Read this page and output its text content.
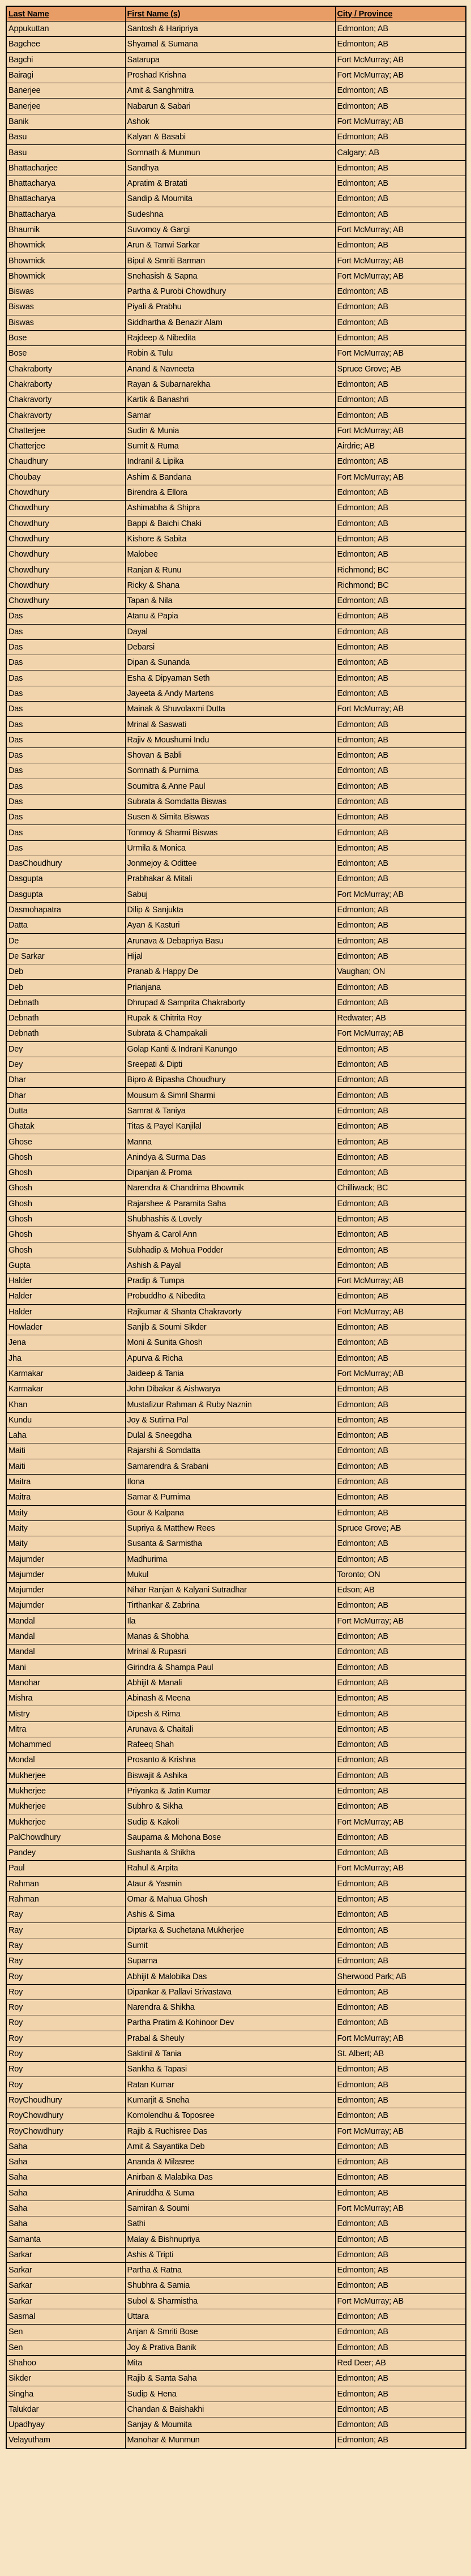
Last Name	First Name (s)	City / Province
Appukuttan	Santosh & Haripriya	Edmonton; AB
Bagchee	Shyamal & Sumana	Edmonton; AB
Bagchi	Satarupa	Fort McMurray; AB
Bairagi	Proshad Krishna	Fort McMurray; AB
Banerjee	Amit & Sanghmitra	Edmonton; AB
Banerjee	Nabarun & Sabari	Edmonton; AB
Banik	Ashok	Fort McMurray; AB
Basu	Kalyan & Basabi	Edmonton; AB
Basu	Somnath & Munmun	Calgary; AB
Bhattacharjee	Sandhya	Edmonton; AB
Bhattacharya	Apratim & Bratati	Edmonton; AB
Bhattacharya	Sandip & Moumita	Edmonton; AB
Bhattacharya	Sudeshna	Edmonton; AB
Bhaumik	Suvomoy & Gargi	Fort McMurray; AB
Bhowmick	Arun & Tanwi Sarkar	Edmonton; AB
Bhowmick	Bipul & Smriti Barman	Fort McMurray; AB
Bhowmick	Snehasish & Sapna	Fort McMurray; AB
Biswas	Partha & Purobi Chowdhury	Edmonton; AB
Biswas	Piyali & Prabhu	Edmonton; AB
Biswas	Siddhartha & Benazir Alam	Edmonton; AB
Bose	Rajdeep & Nibedita	Edmonton; AB
Bose	Robin & Tulu	Fort McMurray; AB
Chakraborty	Anand & Navneeta	Spruce Grove; AB
Chakraborty	Rayan & Subarnarekha	Edmonton; AB
Chakravorty	Kartik & Banashri	Edmonton; AB
Chakravorty	Samar	Edmonton; AB
Chatterjee	Sudin & Munia	Fort McMurray; AB
Chatterjee	Sumit & Ruma	Airdrie; AB
Chaudhury	Indranil & Lipika	Edmonton; AB
Choubay	Ashim & Bandana	Fort McMurray; AB
Chowdhury	Birendra & Ellora	Edmonton; AB
Chowdhury	Ashimabha & Shipra	Edmonton; AB
Chowdhury	Bappi & Baichi Chaki	Edmonton; AB
Chowdhury	Kishore & Sabita	Edmonton; AB
Chowdhury	Malobee	Edmonton; AB
Chowdhury	Ranjan & Runu	Richmond; BC
Chowdhury	Ricky & Shana	Richmond; BC
Chowdhury	Tapan & Nila	Edmonton; AB
Das	Atanu & Papia	Edmonton; AB
Das	Dayal	Edmonton; AB
Das	Debarsi	Edmonton; AB
Das	Dipan & Sunanda	Edmonton; AB
Das	Esha & Dipyaman Seth	Edmonton; AB
Das	Jayeeta & Andy Martens	Edmonton; AB
Das	Mainak & Shuvolaxmi Dutta	Fort McMurray; AB
Das	Mrinal & Saswati	Edmonton; AB
Das	Rajiv & Moushumi Indu	Edmonton; AB
Das	Shovan & Babli	Edmonton; AB
Das	Somnath & Purnima	Edmonton; AB
Das	Soumitra & Anne Paul	Edmonton; AB
Das	Subrata & Somdatta Biswas	Edmonton; AB
Das	Susen & Simita Biswas	Edmonton; AB
Das	Tonmoy & Sharmi Biswas	Edmonton; AB
Das	Urmila & Monica	Edmonton; AB
DasChoudhury	Jonmejoy & Odittee	Edmonton; AB
Dasgupta	Prabhakar & Mitali	Edmonton; AB
Dasgupta	Sabuj	Fort McMurray; AB
Dasmohapatra	Dilip & Sanjukta	Edmonton; AB
Datta	Ayan & Kasturi	Edmonton; AB
De	Arunava & Debapriya Basu	Edmonton; AB
De Sarkar	Hijal	Edmonton; AB
Deb	Pranab & Happy De	Vaughan; ON
Deb	Prianjana	Edmonton; AB
Debnath	Dhrupad & Samprita Chakraborty	Edmonton; AB
Debnath	Rupak & Chitrita Roy	Redwater; AB
Debnath	Subrata & Champakali	Fort McMurray; AB
Dey	Golap Kanti & Indrani Kanungo	Edmonton; AB
Dey	Sreepati & Dipti	Edmonton; AB
Dhar	Bipro & Bipasha Choudhury	Edmonton; AB
Dhar	Mousum & Simril Sharmi	Edmonton; AB
Dutta	Samrat & Taniya	Edmonton; AB
Ghatak	Titas & Payel Kanjilal	Edmonton; AB
Ghose	Manna	Edmonton; AB
Ghosh	Anindya & Surma Das	Edmonton; AB
Ghosh	Dipanjan & Proma	Edmonton; AB
Ghosh	Narendra & Chandrima Bhowmik	Chilliwack; BC
Ghosh	Rajarshee & Paramita Saha	Edmonton; AB
Ghosh	Shubhashis & Lovely	Edmonton; AB
Ghosh	Shyam & Carol Ann	Edmonton; AB
Ghosh	Subhadip & Mohua Podder	Edmonton; AB
Gupta	Ashish & Payal	Edmonton; AB
Halder	Pradip & Tumpa	Fort McMurray; AB
Halder	Probuddho & Nibedita	Edmonton; AB
Halder	Rajkumar & Shanta Chakravorty	Fort McMurray; AB
Howlader	Sanjib & Soumi Sikder	Edmonton; AB
Jena	Moni & Sunita Ghosh	Edmonton; AB
Jha	Apurva & Richa	Edmonton; AB
Karmakar	Jaideep & Tania	Fort McMurray; AB
Karmakar	John Dibakar & Aishwarya	Edmonton; AB
Khan	Mustafizur Rahman & Ruby Naznin	Edmonton; AB
Kundu	Joy & Sutirna Pal	Edmonton; AB
Laha	Dulal & Sneegdha	Edmonton; AB
Maiti	Rajarshi & Somdatta	Edmonton; AB
Maiti	Samarendra & Srabani	Edmonton; AB
Maitra	Ilona	Edmonton; AB
Maitra	Samar & Purnima	Edmonton; AB
Maity	Gour & Kalpana	Edmonton; AB
Maity	Supriya & Matthew Rees	Spruce Grove; AB
Maity	Susanta & Sarmistha	Edmonton; AB
Majumder	Madhurima	Edmonton; AB
Majumder	Mukul	Toronto; ON
Majumder	Nihar Ranjan & Kalyani Sutradhar	Edson; AB
Majumder	Tirthankar & Zabrina	Edmonton; AB
Mandal	Ila	Fort McMurray; AB
Mandal	Manas & Shobha	Edmonton; AB
Mandal	Mrinal & Rupasri	Edmonton; AB
Mani	Girindra & Shampa Paul	Edmonton; AB
Manohar	Abhijit & Manali	Edmonton; AB
Mishra	Abinash & Meena	Edmonton; AB
Mistry	Dipesh & Rima	Edmonton; AB
Mitra	Arunava & Chaitali	Edmonton; AB
Mohammed	Rafeeq Shah	Edmonton; AB
Mondal	Prosanto & Krishna	Edmonton; AB
Mukherjee	Biswajit & Ashika	Edmonton; AB
Mukherjee	Priyanka & Jatin Kumar	Edmonton; AB
Mukherjee	Subhro & Sikha	Edmonton; AB
Mukherjee	Sudip & Kakoli	Fort McMurray; AB
PalChowdhury	Sauparna & Mohona Bose	Edmonton; AB
Pandey	Sushanta & Shikha	Edmonton; AB
Paul	Rahul & Arpita	Fort McMurray; AB
Rahman	Ataur & Yasmin	Edmonton; AB
Rahman	Omar & Mahua Ghosh	Edmonton; AB
Ray	Ashis & Sima	Edmonton; AB
Ray	Diptarka & Suchetana Mukherjee	Edmonton; AB
Ray	Sumit	Edmonton; AB
Ray	Suparna	Edmonton; AB
Roy	Abhijit & Malobika Das	Sherwood Park; AB
Roy	Dipankar & Pallavi Srivastava	Edmonton; AB
Roy	Narendra & Shikha	Edmonton; AB
Roy	Partha Pratim & Kohinoor Dev	Edmonton; AB
Roy	Prabal & Sheuly	Fort McMurray; AB
Roy	Saktinil & Tania	St. Albert; AB
Roy	Sankha & Tapasi	Edmonton; AB
Roy	Ratan Kumar	Edmonton; AB
RoyChoudhury	Kumarjit & Sneha	Edmonton; AB
RoyChowdhury	Komolendhu & Toposree	Edmonton; AB
RoyChowdhury	Rajib & Ruchisree Das	Fort McMurray; AB
Saha	Amit & Sayantika Deb	Edmonton; AB
Saha	Ananda & Milasree	Edmonton; AB
Saha	Anirban & Malabika Das	Edmonton; AB
Saha	Aniruddha & Suma	Edmonton; AB
Saha	Samiran & Soumi	Fort McMurray; AB
Saha	Sathi	Edmonton; AB
Samanta	Malay & Bishnupriya	Edmonton; AB
Sarkar	Ashis & Tripti	Edmonton; AB
Sarkar	Partha & Ratna	Edmonton; AB
Sarkar	Shubhra & Samia	Edmonton; AB
Sarkar	Subol & Sharmistha	Fort McMurray; AB
Sasmal	Uttara	Edmonton; AB
Sen	Anjan & Smriti Bose	Edmonton; AB
Sen	Joy & Prativa Banik	Edmonton; AB
Shahoo	Mita	Red Deer; AB
Sikder	Rajib & Santa Saha	Edmonton; AB
Singha	Sudip & Hena	Edmonton; AB
Talukdar	Chandan & Baishakhi	Edmonton; AB
Upadhyay	Sanjay & Moumita	Edmonton; AB
Velayutham	Manohar & Munmun	Edmonton; AB
